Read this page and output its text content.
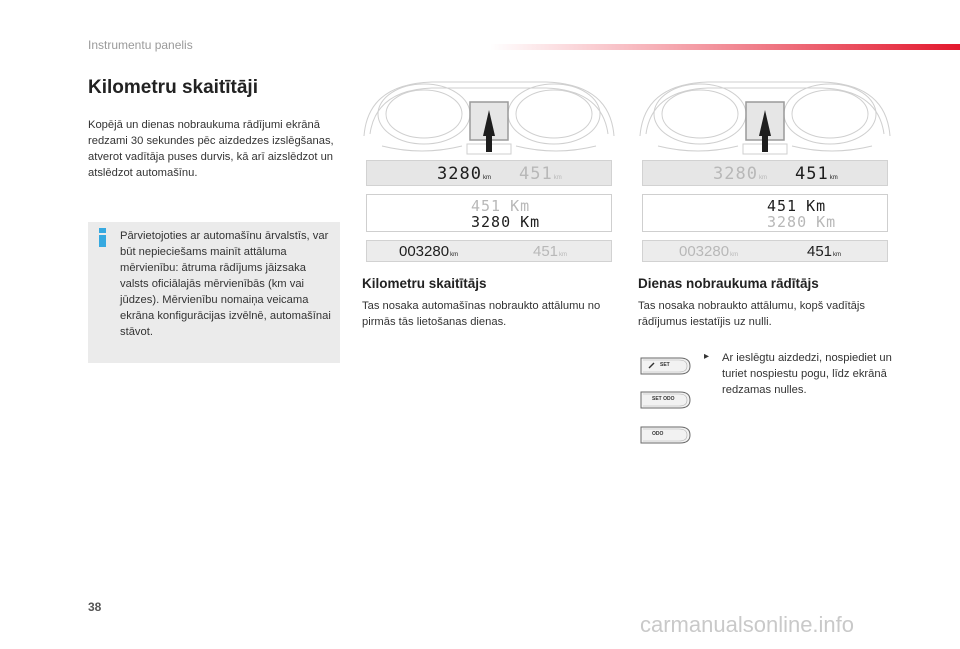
Instrumentu panelis
Kilometru skaitītāji
Kopējā un dienas nobraukuma rādījumi ekrānā redzami 30 sekundes pēc aizdedzes izslēgšanas, atverot vadītāja puses durvis, kā arī aizslēdzot un atslēdzot automašīnu.
Pārvietojoties ar automašīnu ārvalstīs, var būt nepieciešams mainīt attāluma mērvienību: ātruma rādījums jāizsaka valsts oficiālajās mērvienībās (km vai jūdzes). Mērvienību nomaiņa veicama ekrāna konfigurācijas izvēlnē, automašīnai stāvot.
3280km 451km
451 Km
3280 Km
003280km	451km
3280km 451km
451 Km
3280 Km
003280km	451km
Kilometru skaitītājs
Tas nosaka automašīnas nobraukto attālumu no pirmās tās lietošanas dienas.
Dienas nobraukuma rādītājs
Tas nosaka nobraukto attālumu, kopš vadītājs rādījumus iestatījis uz nulli.
SET
SET ODO
ODO
▸ Ar ieslēgtu aizdedzi, nospiediet un turiet nospiestu pogu, līdz ekrānā redzamas nulles.
38
carmanualsonline.info
